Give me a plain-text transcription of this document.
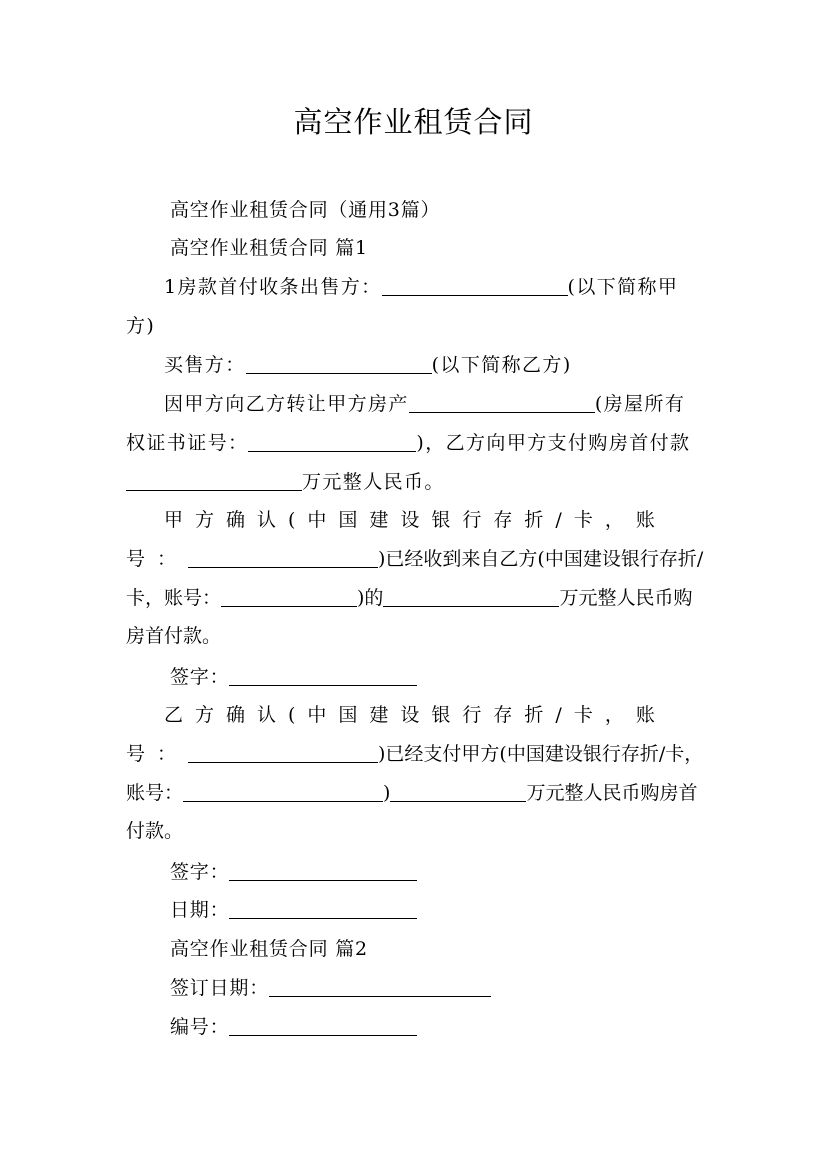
高空作业租赁合同
高空作业租赁合同（通用3篇）
高空作业租赁合同 篇1

1房款首付收条出售方：	(以下简称甲方)

买售方：	(以下简称乙方)

因甲方向乙方转让甲方房产	(房屋所有权证书证号：	)，乙方向甲方支付购房首付款万元整人民币。

甲方确认(中国建设银行存折/卡，账号：	)已经收到来自乙方(中国建设银行存折/卡，账号：	)的	万元整人民币购房首付款。

签字：

乙方确认(中国建设银行存折/卡，账号：	)已经支付甲方(中国建设银行存折/卡，账号：	)	万元整人民币购房首付款。

签字：
日期：
高空作业租赁合同 篇2
签订日期：
编号：
